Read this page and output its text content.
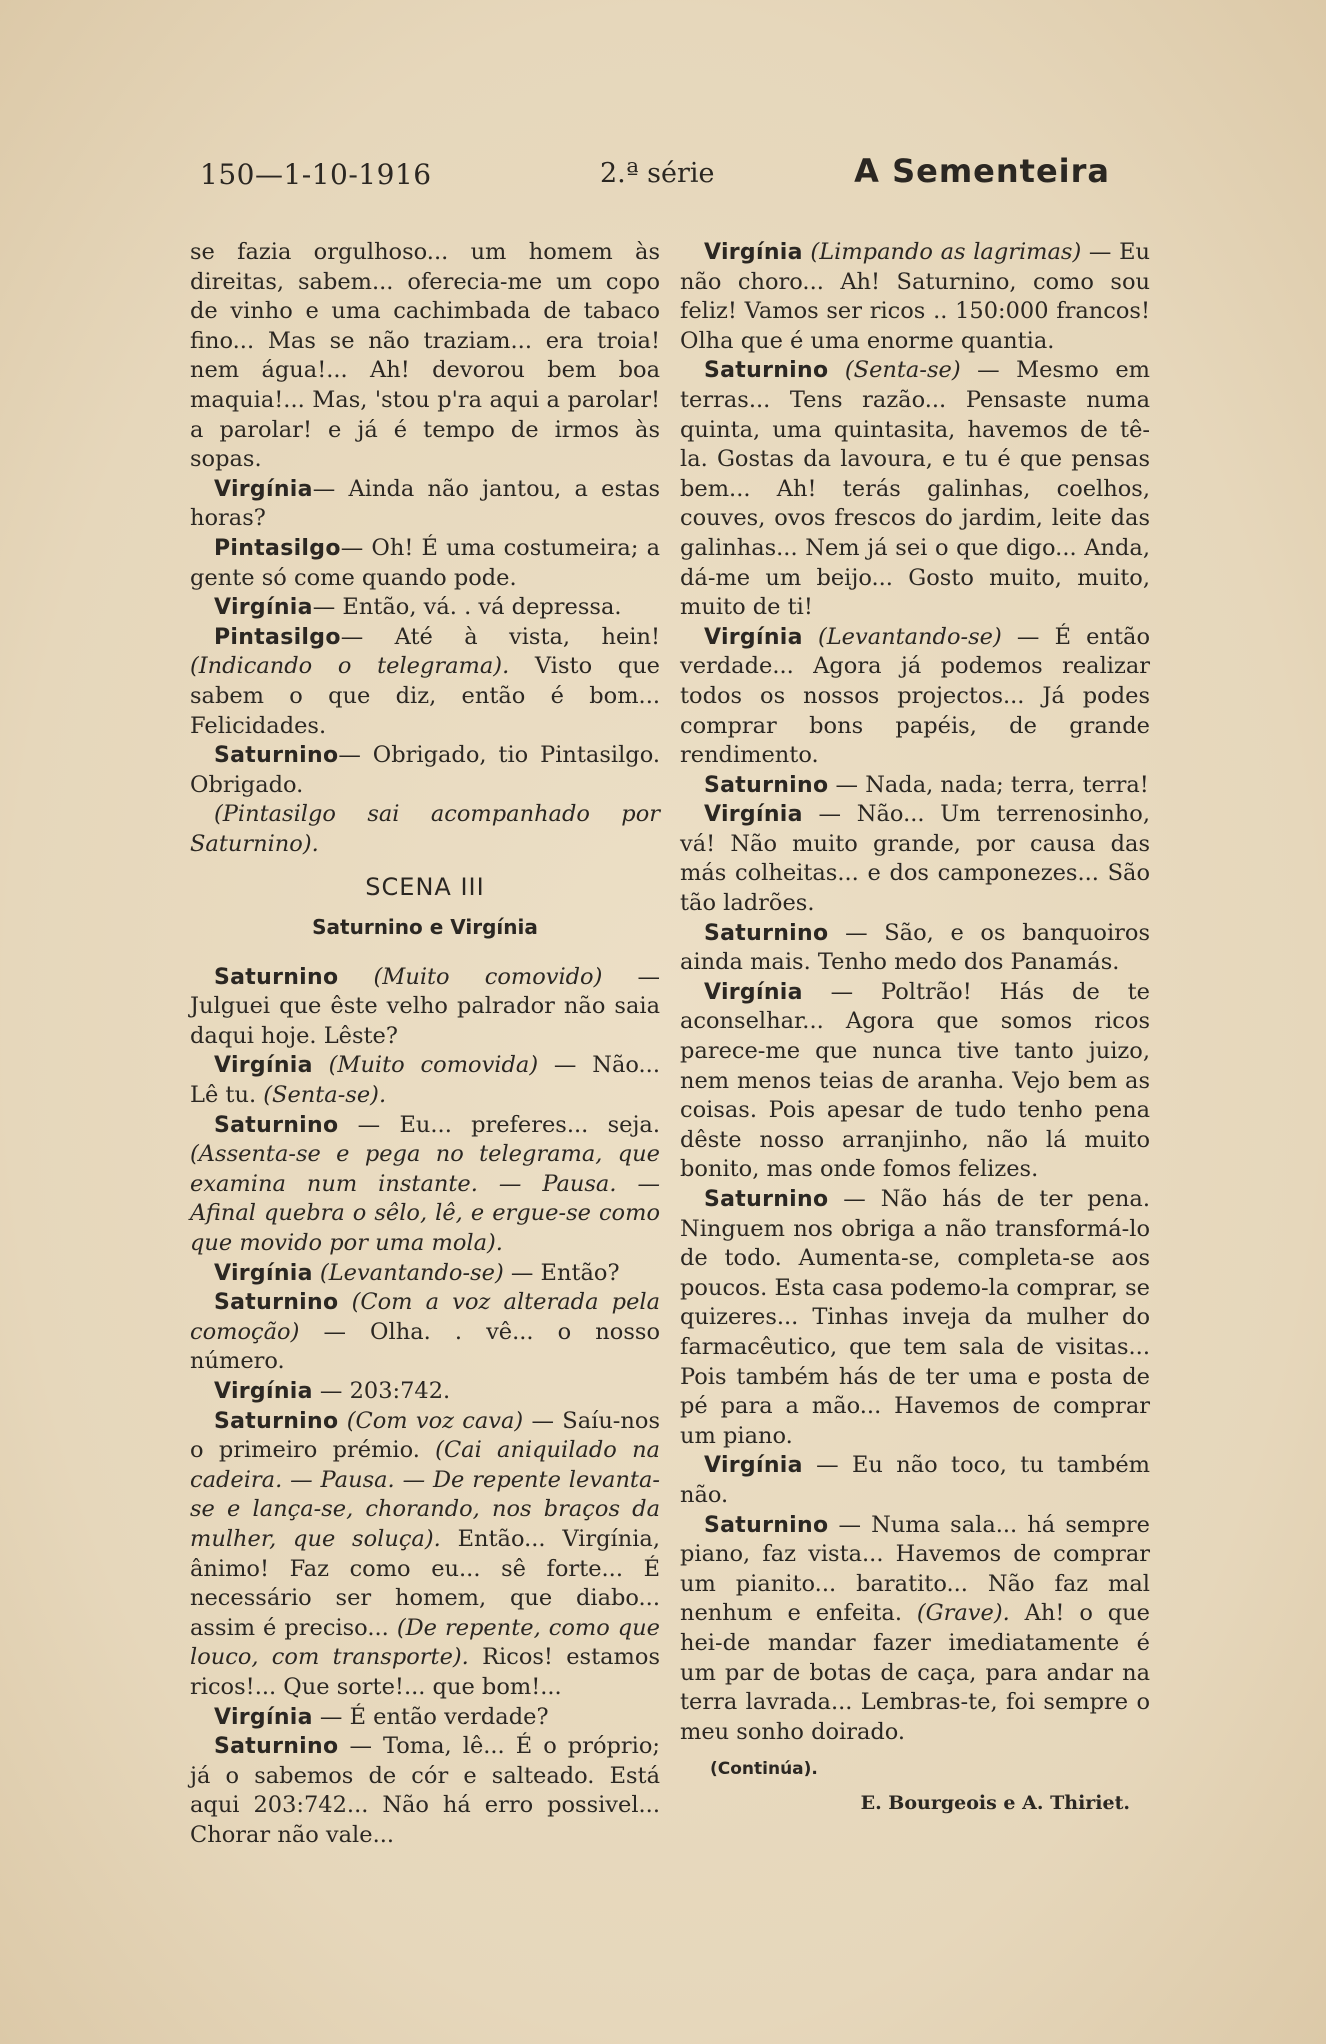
150—1-10-1916	2.ª série	A Sementeira

se fazia orgulhoso... um homem às direitas, sabem... oferecia-me um copo de vinho e uma cachimbada de tabaco fino... Mas se não traziam... era troia! nem água!... Ah! devorou bem boa maquia!... Mas, 'stou p'ra aqui a parolar! a parolar! e já é tempo de irmos às sopas.

Virgínia— Ainda não jantou, a estas horas?

Pintasilgo— Oh! É uma costumeira; a gente só come quando pode.

Virgínia— Então, vá. . vá depressa.

Pintasilgo— Até à vista, hein! (Indicando o telegrama). Visto que sabem o que diz, então é bom... Felicidades.

Saturnino— Obrigado, tio Pintasilgo. Obrigado.

(Pintasilgo sai acompanhado por Saturnino).

SCENA III
Saturnino e Virgínia

Saturnino (Muito comovido) — Julguei que êste velho palrador não saia daqui hoje. Lêste?

Virgínia (Muito comovida) — Não... Lê tu. (Senta-se).

Saturnino — Eu... preferes... seja. (Assenta-se e pega no telegrama, que examina num instante. — Pausa. — Afinal quebra o sêlo, lê, e ergue-se como que movido por uma mola).

Virgínia (Levantando-se) — Então?

Saturnino (Com a voz alterada pela comoção) — Olha. . vê... o nosso número.

Virgínia — 203:742.

Saturnino (Com voz cava) — Saíu-nos o primeiro prémio. (Cai aniquilado na cadeira. — Pausa. — De repente levanta-se e lança-se, chorando, nos braços da mulher, que soluça). Então... Virgínia, ânimo! Faz como eu... sê forte... É necessário ser homem, que diabo... assim é preciso... (De repente, como que louco, com transporte). Ricos! estamos ricos!... Que sorte!... que bom!...

Virgínia — É então verdade?

Saturnino — Toma, lê... É o próprio; já o sabemos de cór e salteado. Está aqui 203:742... Não há erro possivel... Chorar não vale...

Virgínia (Limpando as lagrimas) — Eu não choro... Ah! Saturnino, como sou feliz! Vamos ser ricos .. 150:000 francos! Olha que é uma enorme quantia.

Saturnino (Senta-se) — Mesmo em terras... Tens razão... Pensaste numa quinta, uma quintasita, havemos de tê-la. Gostas da lavoura, e tu é que pensas bem... Ah! terás galinhas, coelhos, couves, ovos frescos do jardim, leite das galinhas... Nem já sei o que digo... Anda, dá-me um beijo... Gosto muito, muito, muito de ti!

Virgínia (Levantando-se) — É então verdade... Agora já podemos realizar todos os nossos projectos... Já podes comprar bons papéis, de grande rendimento.

Saturnino — Nada, nada; terra, terra!

Virgínia — Não... Um terrenosinho, vá! Não muito grande, por causa das más colheitas... e dos camponezes... São tão ladrões.

Saturnino — São, e os banquoiros ainda mais. Tenho medo dos Panamás.

Virgínia — Poltrão! Hás de te aconselhar... Agora que somos ricos parece-me que nunca tive tanto juizo, nem menos teias de aranha. Vejo bem as coisas. Pois apesar de tudo tenho pena dêste nosso arranjinho, não lá muito bonito, mas onde fomos felizes.

Saturnino — Não hás de ter pena. Ninguem nos obriga a não transformá-lo de todo. Aumenta-se, completa-se aos poucos. Esta casa podemo-la comprar, se quizeres... Tinhas inveja da mulher do farmacêutico, que tem sala de visitas... Pois também hás de ter uma e posta de pé para a mão... Havemos de comprar um piano.

Virgínia — Eu não toco, tu também não.

Saturnino — Numa sala... há sempre piano, faz vista... Havemos de comprar um pianito... baratito... Não faz mal nenhum e enfeita. (Grave). Ah! o que hei-de mandar fazer imediatamente é um par de botas de caça, para andar na terra lavrada... Lembras-te, foi sempre o meu sonho doirado.

(Continúa).
E. Bourgeois e A. Thiriet.
